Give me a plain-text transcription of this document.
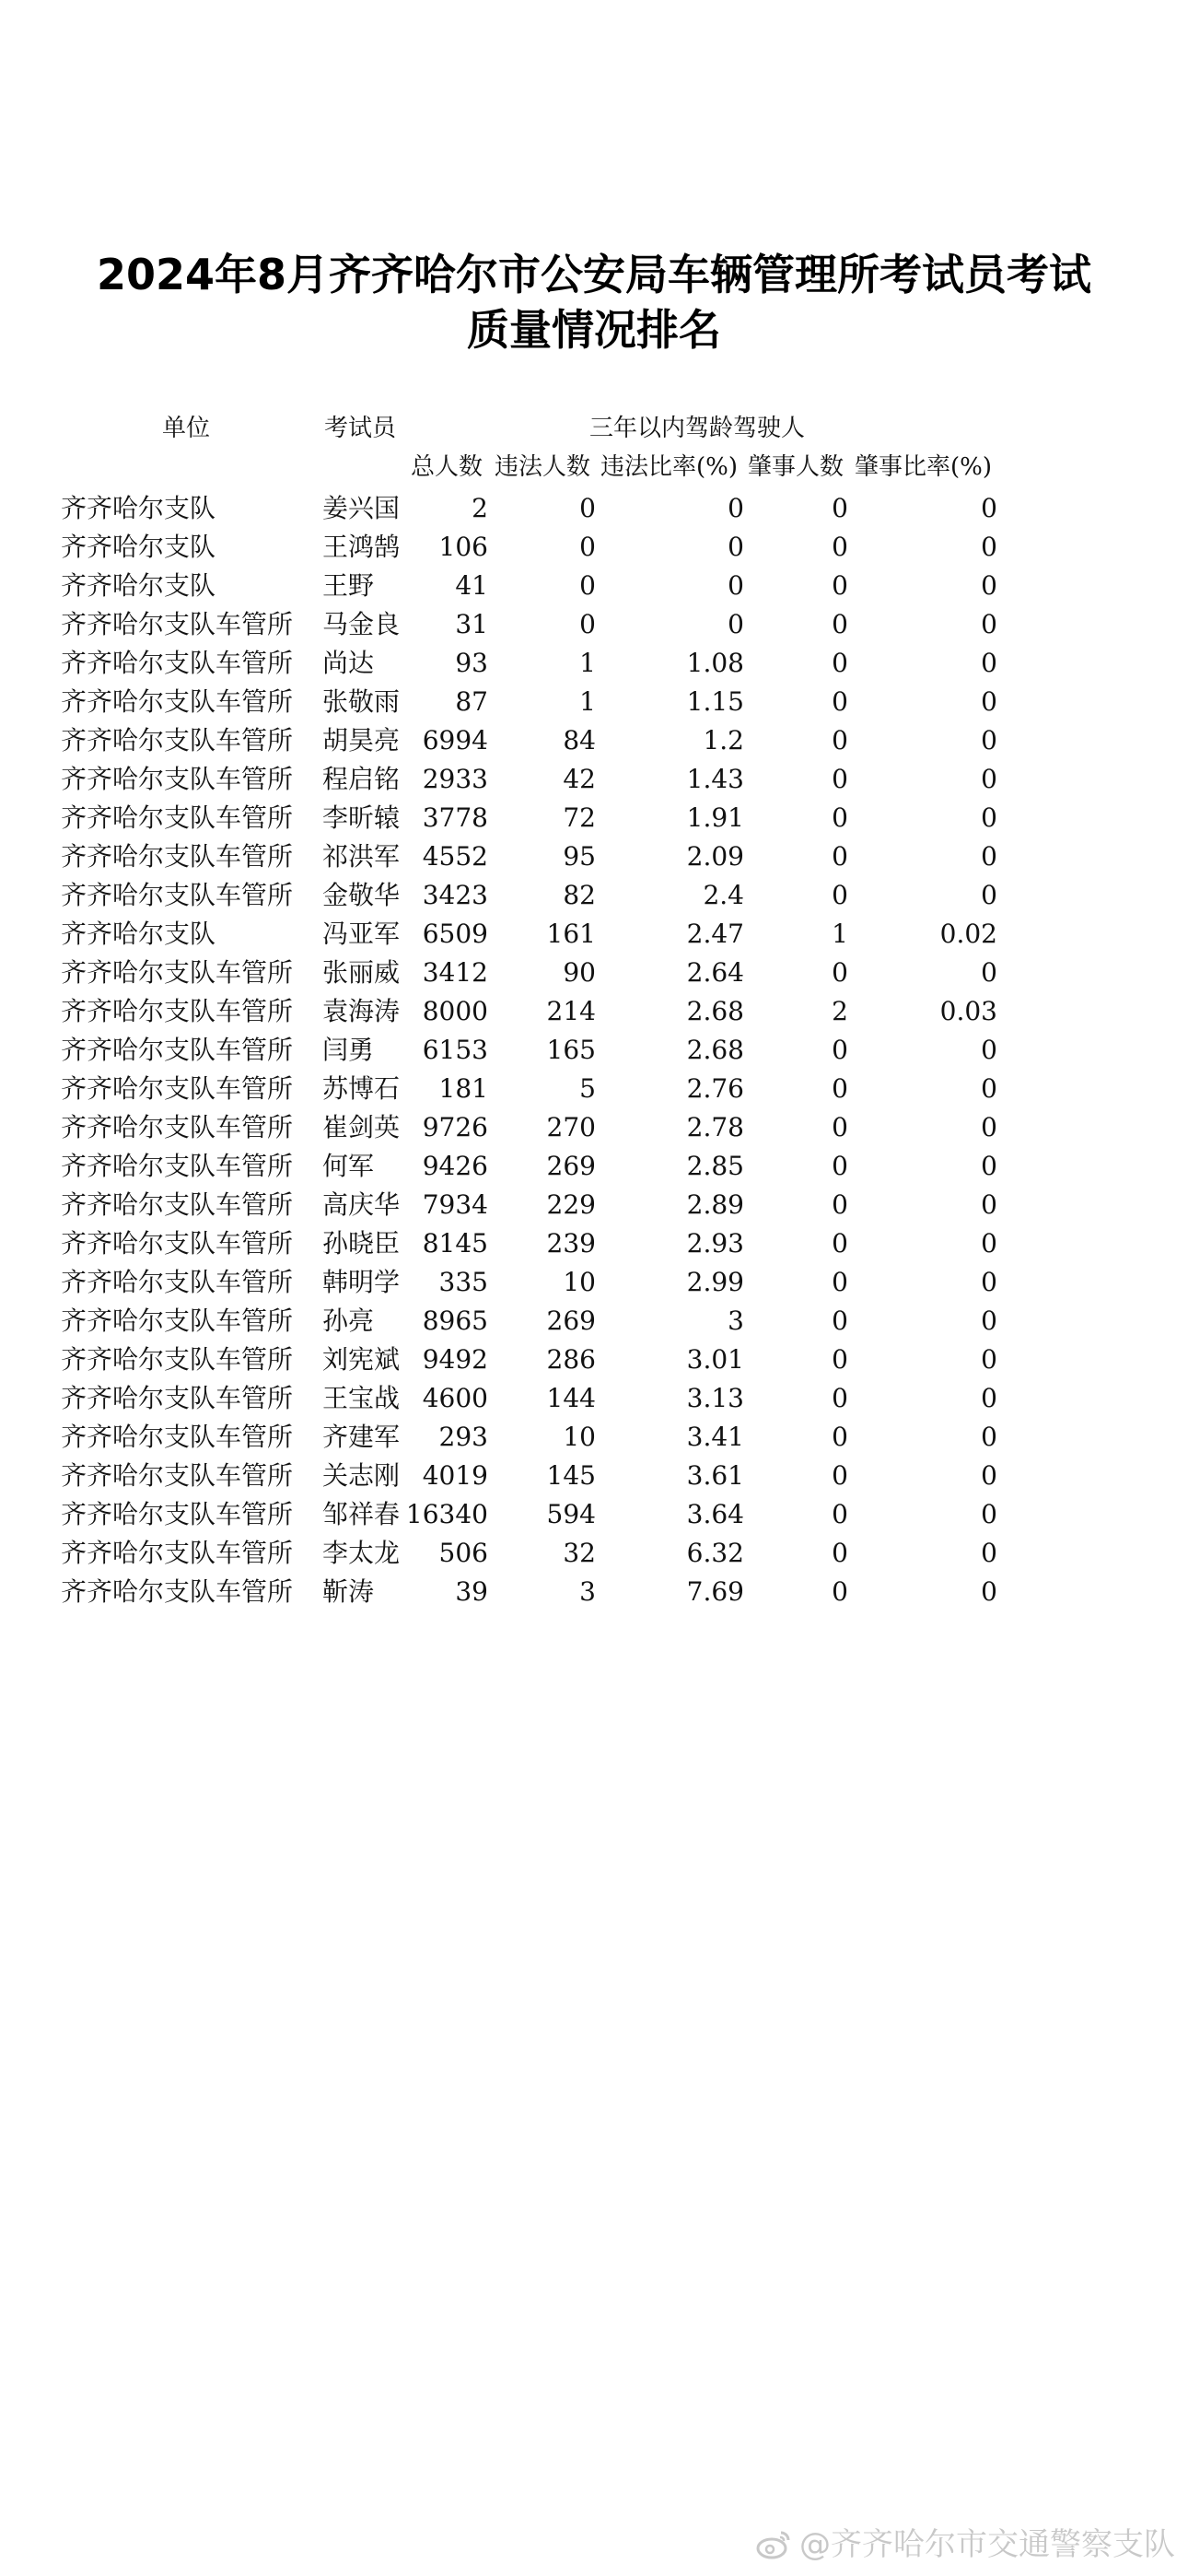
2024年8月齐齐哈尔市公安局车辆管理所考试员考试
质量情况排名
单位	考试员	三年以内驾龄驾驶人
总人数 违法人数 违法比率(%) 肇事人数 肇事比率(%)
齐齐哈尔支队	姜兴国	2	0	0	0	0
齐齐哈尔支队	王鸿鹄 106	0	0	0	0
齐齐哈尔支队	王野	41	0	0	0	0
齐齐哈尔支队车管所 马金良 31	0	0	0	0
齐齐哈尔支队车管所 尚达	93	1	1.08	0	0
齐齐哈尔支队车管所 张敬雨 87	1	1.15	0	0
齐齐哈尔支队车管所 胡昊亮 6994	84	1.2	0	0
齐齐哈尔支队车管所 程启铭 2933	42	1.43	0	0
齐齐哈尔支队车管所 李昕辕 3778	72	1.91	0	0
齐齐哈尔支队车管所 祁洪军 4552	95	2.09	0	0
齐齐哈尔支队车管所 金敬华 3423	82	2.4	0	0
齐齐哈尔支队	冯亚军 6509 161	2.47	1	0.02
齐齐哈尔支队车管所 张丽威 3412	90	2.64	0	0
齐齐哈尔支队车管所 袁海涛 8000 214	2.68	2	0.03
齐齐哈尔支队车管所 闫勇 6153 165	2.68	0	0
齐齐哈尔支队车管所 苏博石 181	5	2.76	0	0
齐齐哈尔支队车管所 崔剑英 9726 270	2.78	0	0
齐齐哈尔支队车管所 何军 9426 269	2.85	0	0
齐齐哈尔支队车管所 高庆华 7934 229	2.89	0	0
齐齐哈尔支队车管所 孙晓臣 8145 239	2.93	0	0
齐齐哈尔支队车管所 韩明学 335	10	2.99	0	0
齐齐哈尔支队车管所 孙亮 8965 269	3	0	0
齐齐哈尔支队车管所 刘宪斌 9492 286	3.01	0	0
齐齐哈尔支队车管所 王宝战 4600 144	3.13	0	0
齐齐哈尔支队车管所 齐建军 293	10	3.41	0	0
齐齐哈尔支队车管所 关志刚 4019 145	3.61	0	0
齐齐哈尔支队车管所 邹祥春 16340 594	3.64	0	0
齐齐哈尔支队车管所 李太龙 506	32	6.32	0	0
齐齐哈尔支队车管所 靳涛	39	3	7.69	0	0
@齐齐哈尔市交通警察支队
